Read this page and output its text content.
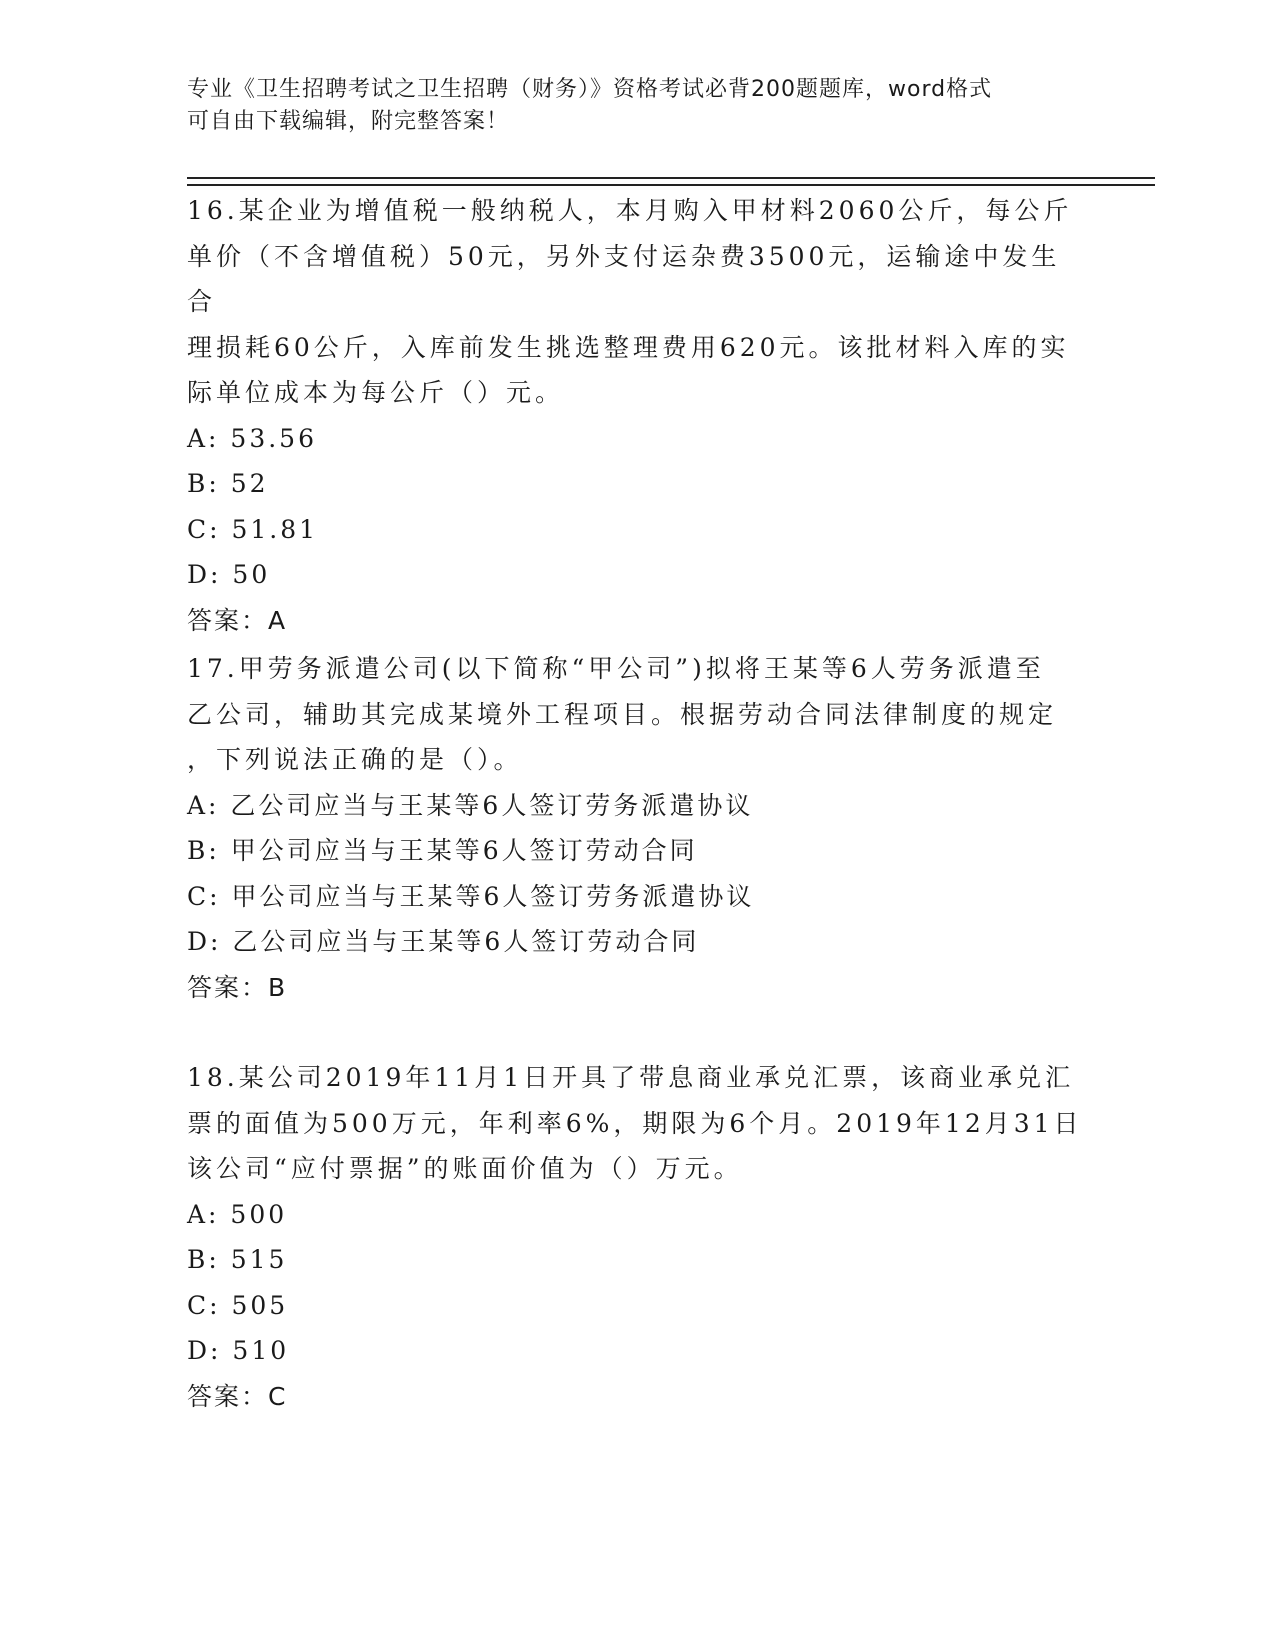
专业《卫生招聘考试之卫生招聘（财务）》资格考试必背200题题库，word格式
可自由下载编辑，附完整答案！

16.某企业为增值税一般纳税人，本月购入甲材料2060公斤，每公斤

单价（不含增值税）50元，另外支付运杂费3500元，运输途中发生合

理损耗60公斤，入库前发生挑选整理费用620元。该批材料入库的实

际单位成本为每公斤（）元。

A: 53.56

B: 52

C: 51.81

D: 50

答案：A

17.甲劳务派遣公司(以下简称“甲公司”)拟将王某等6人劳务派遣至

乙公司，辅助其完成某境外工程项目。根据劳动合同法律制度的规定

，下列说法正确的是（）。

A: 乙公司应当与王某等6人签订劳务派遣协议

B: 甲公司应当与王某等6人签订劳动合同

C: 甲公司应当与王某等6人签订劳务派遣协议

D: 乙公司应当与王某等6人签订劳动合同

答案：B

18.某公司2019年11月1日开具了带息商业承兑汇票，该商业承兑汇

票的面值为500万元，年利率6%，期限为6个月。2019年12月31日

该公司“应付票据”的账面价值为（）万元。

A: 500

B: 515

C: 505

D: 510

答案：C
